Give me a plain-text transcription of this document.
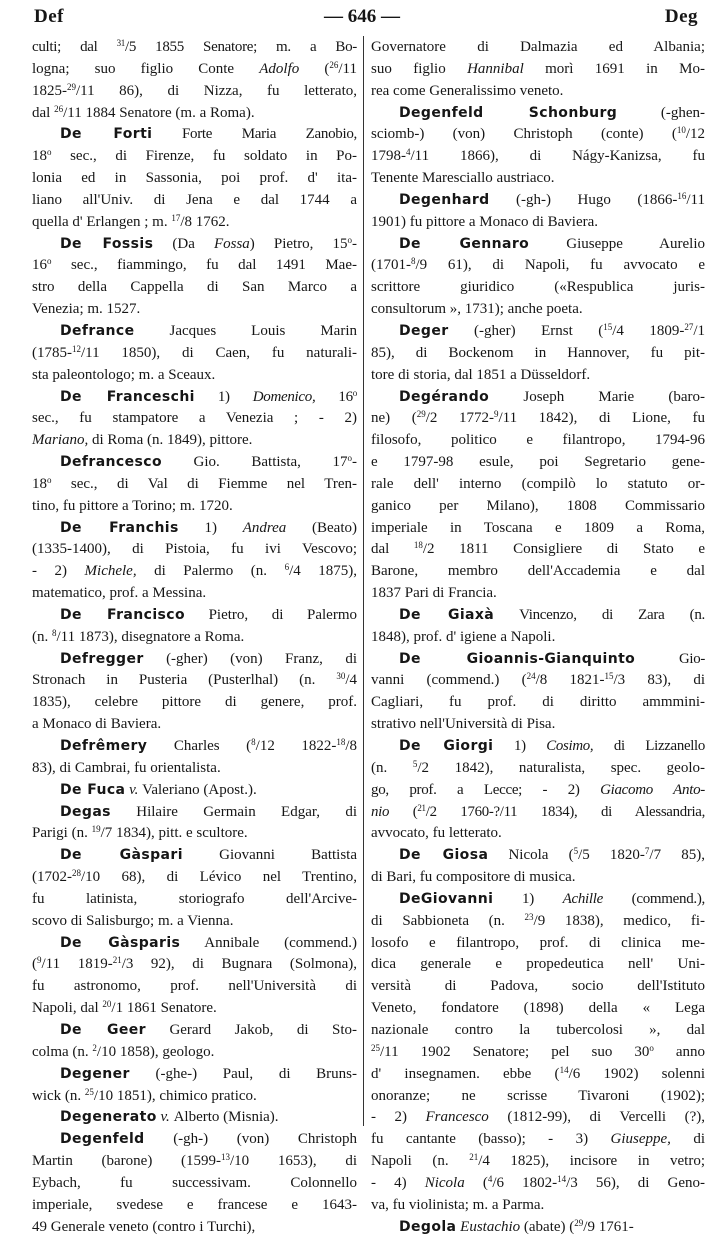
Def	— 646 —	Deg
culti; dal $^{31}$/5 1855 Senatore; m. a Bo-
logna; suo figlio Conte Adolfo ($^{26}$/11
1825-$^{29}$/11 86), di Nizza, fu letterato,
dal $^{26}$/11 1884 Senatore (m. a Roma).
De Forti Forte Maria Zanobio,
18$^o$ sec., di Firenze, fu soldato in Po-
lonia ed in Sassonia, poi prof. d' ita-
liano all'Univ. di Jena e dal 1744 a
quella d' Erlangen ; m. $^{17}$/8 1762.
De Fossis (Da Fossa) Pietro, 15$^o$-
16$^o$ sec., fiammingo, fu dal 1491 Mae-
stro della Cappella di San Marco a
Venezia; m. 1527.
Defrance Jacques Louis Marin
(1785-$^{12}$/11 1850), di Caen, fu naturali-
sta paleontologo; m. a Sceaux.
De Franceschi 1) Domenico, 16$^o$
sec., fu stampatore a Venezia ; - 2)
Mariano, di Roma (n. 1849), pittore.
Defrancesco Gio. Battista, 17$^o$-
18$^o$ sec., di Val di Fiemme nel Tren-
tino, fu pittore a Torino; m. 1720.
De Franchis 1) Andrea (Beato)
(1335-1400), di Pistoia, fu ivi Vescovo;
- 2) Michele, di Palermo (n. $^6$/4 1875),
matematico, prof. a Messina.
De Francisco Pietro, di Palermo
(n. $^8$/11 1873), disegnatore a Roma.
Defregger (-gher) (von) Franz, di
Stronach in Pusteria (Pusterlhal) (n. $^{30}$/4
1835), celebre pittore di genere, prof.
a Monaco di Baviera.
Defrêmery Charles ($^8$/12 1822-$^{18}$/8
83), di Cambrai, fu orientalista.
De Fuca v. Valeriano (Apost.).
Degas Hilaire Germain Edgar, di
Parigi (n. $^{19}$/7 1834), pitt. e scultore.
De Gàspari Giovanni Battista
(1702-$^{28}$/10 68), di Lévico nel Trentino,
fu latinista, storiografo dell'Arcive-
scovo di Salisburgo; m. a Vienna.
De Gàsparis Annibale (commend.)
($^9$/11 1819-$^{21}$/3 92), di Bugnara (Solmona),
fu astronomo, prof. nell'Università di
Napoli, dal $^{20}$/1 1861 Senatore.
De Geer Gerard Jakob, di Sto-
colma (n. $^2$/10 1858), geologo.
Degener (-ghe-) Paul, di Bruns-
wick (n. $^{25}$/10 1851), chimico pratico.
Degenerato v. Alberto (Misnia).
Degenfeld (-gh-) (von) Christoph
Martin (barone) (1599-$^{13}$/10 1653), di
Eybach, fu successivam. Colonnello
imperiale, svedese e francese e 1643-
49 Generale veneto (contro i Turchi),
Governatore di Dalmazia ed Albania;
suo figlio Hannibal morì 1691 in Mo-
rea come Generalissimo veneto.
Degenfeld Schonburg (-ghen-
sciomb-) (von) Christoph (conte) ($^{10}$/12
1798-$^4$/11 1866), di Nágy-Kanizsa, fu
Tenente Maresciallo austriaco.
Degenhard (-gh-) Hugo (1866-$^{16}$/11
1901) fu pittore a Monaco di Baviera.
De Gennaro Giuseppe Aurelio
(1701-$^8$/9 61), di Napoli, fu avvocato e
scrittore giuridico («Respublica juris-
consultorum », 1731); anche poeta.
Deger (-gher) Ernst ($^{15}$/4 1809-$^{27}$/1
85), di Bockenom in Hannover, fu pit-
tore di storia, dal 1851 a Düsseldorf.
Degérando Joseph Marie (baro-
ne) ($^{29}$/2 1772-$^9$/11 1842), di Lione, fu
filosofo, politico e filantropo, 1794-96
e 1797-98 esule, poi Segretario gene-
rale dell' interno (compilò lo statuto or-
ganico per Milano), 1808 Commissario
imperiale in Toscana e 1809 a Roma,
dal $^{18}$/2 1811 Consigliere di Stato e
Barone, membro dell'Accademia e dal
1837 Pari di Francia.
De Giaxà Vincenzo, di Zara (n.
1848), prof. d' igiene a Napoli.
De Gioannis-Gianquinto Gio-
vanni (commend.) ($^{24}$/8 1821-$^{15}$/3 83), di
Cagliari, fu prof. di diritto ammmini-
strativo nell'Università di Pisa.
De Giorgi 1) Cosimo, di Lizzanello
(n. $^5$/2 1842), naturalista, spec. geolo-
go, prof. a Lecce; - 2) Giacomo Anto-
nio ($^{21}$/2 1760-?/11 1834), di Alessandria,
avvocato, fu letterato.
De Giosa Nicola ($^5$/5 1820-$^7$/7 85),
di Bari, fu compositore di musica.
DeGiovanni 1) Achille (commend.),
di Sabbioneta (n. $^{23}$/9 1838), medico, fi-
losofo e filantropo, prof. di clinica me-
dica generale e propedeutica nell' Uni-
versità di Padova, socio dell'Istituto
Veneto, fondatore (1898) della « Lega
nazionale contro la tubercolosi », dal
$^{25}$/11 1902 Senatore; pel suo 30$^o$ anno
d' insegnamen. ebbe ($^{14}$/6 1902) solenni
onoranze; ne scrisse Tivaroni (1902);
- 2) Francesco (1812-99), di Vercelli (?),
fu cantante (basso); - 3) Giuseppe, di
Napoli (n. $^{21}$/4 1825), incisore in vetro;
- 4) Nicola ($^4$/6 1802-$^{14}$/3 56), di Geno-
va, fu violinista; m. a Parma.
Degola Eustachio (abate) ($^{29}$/9 1761-
